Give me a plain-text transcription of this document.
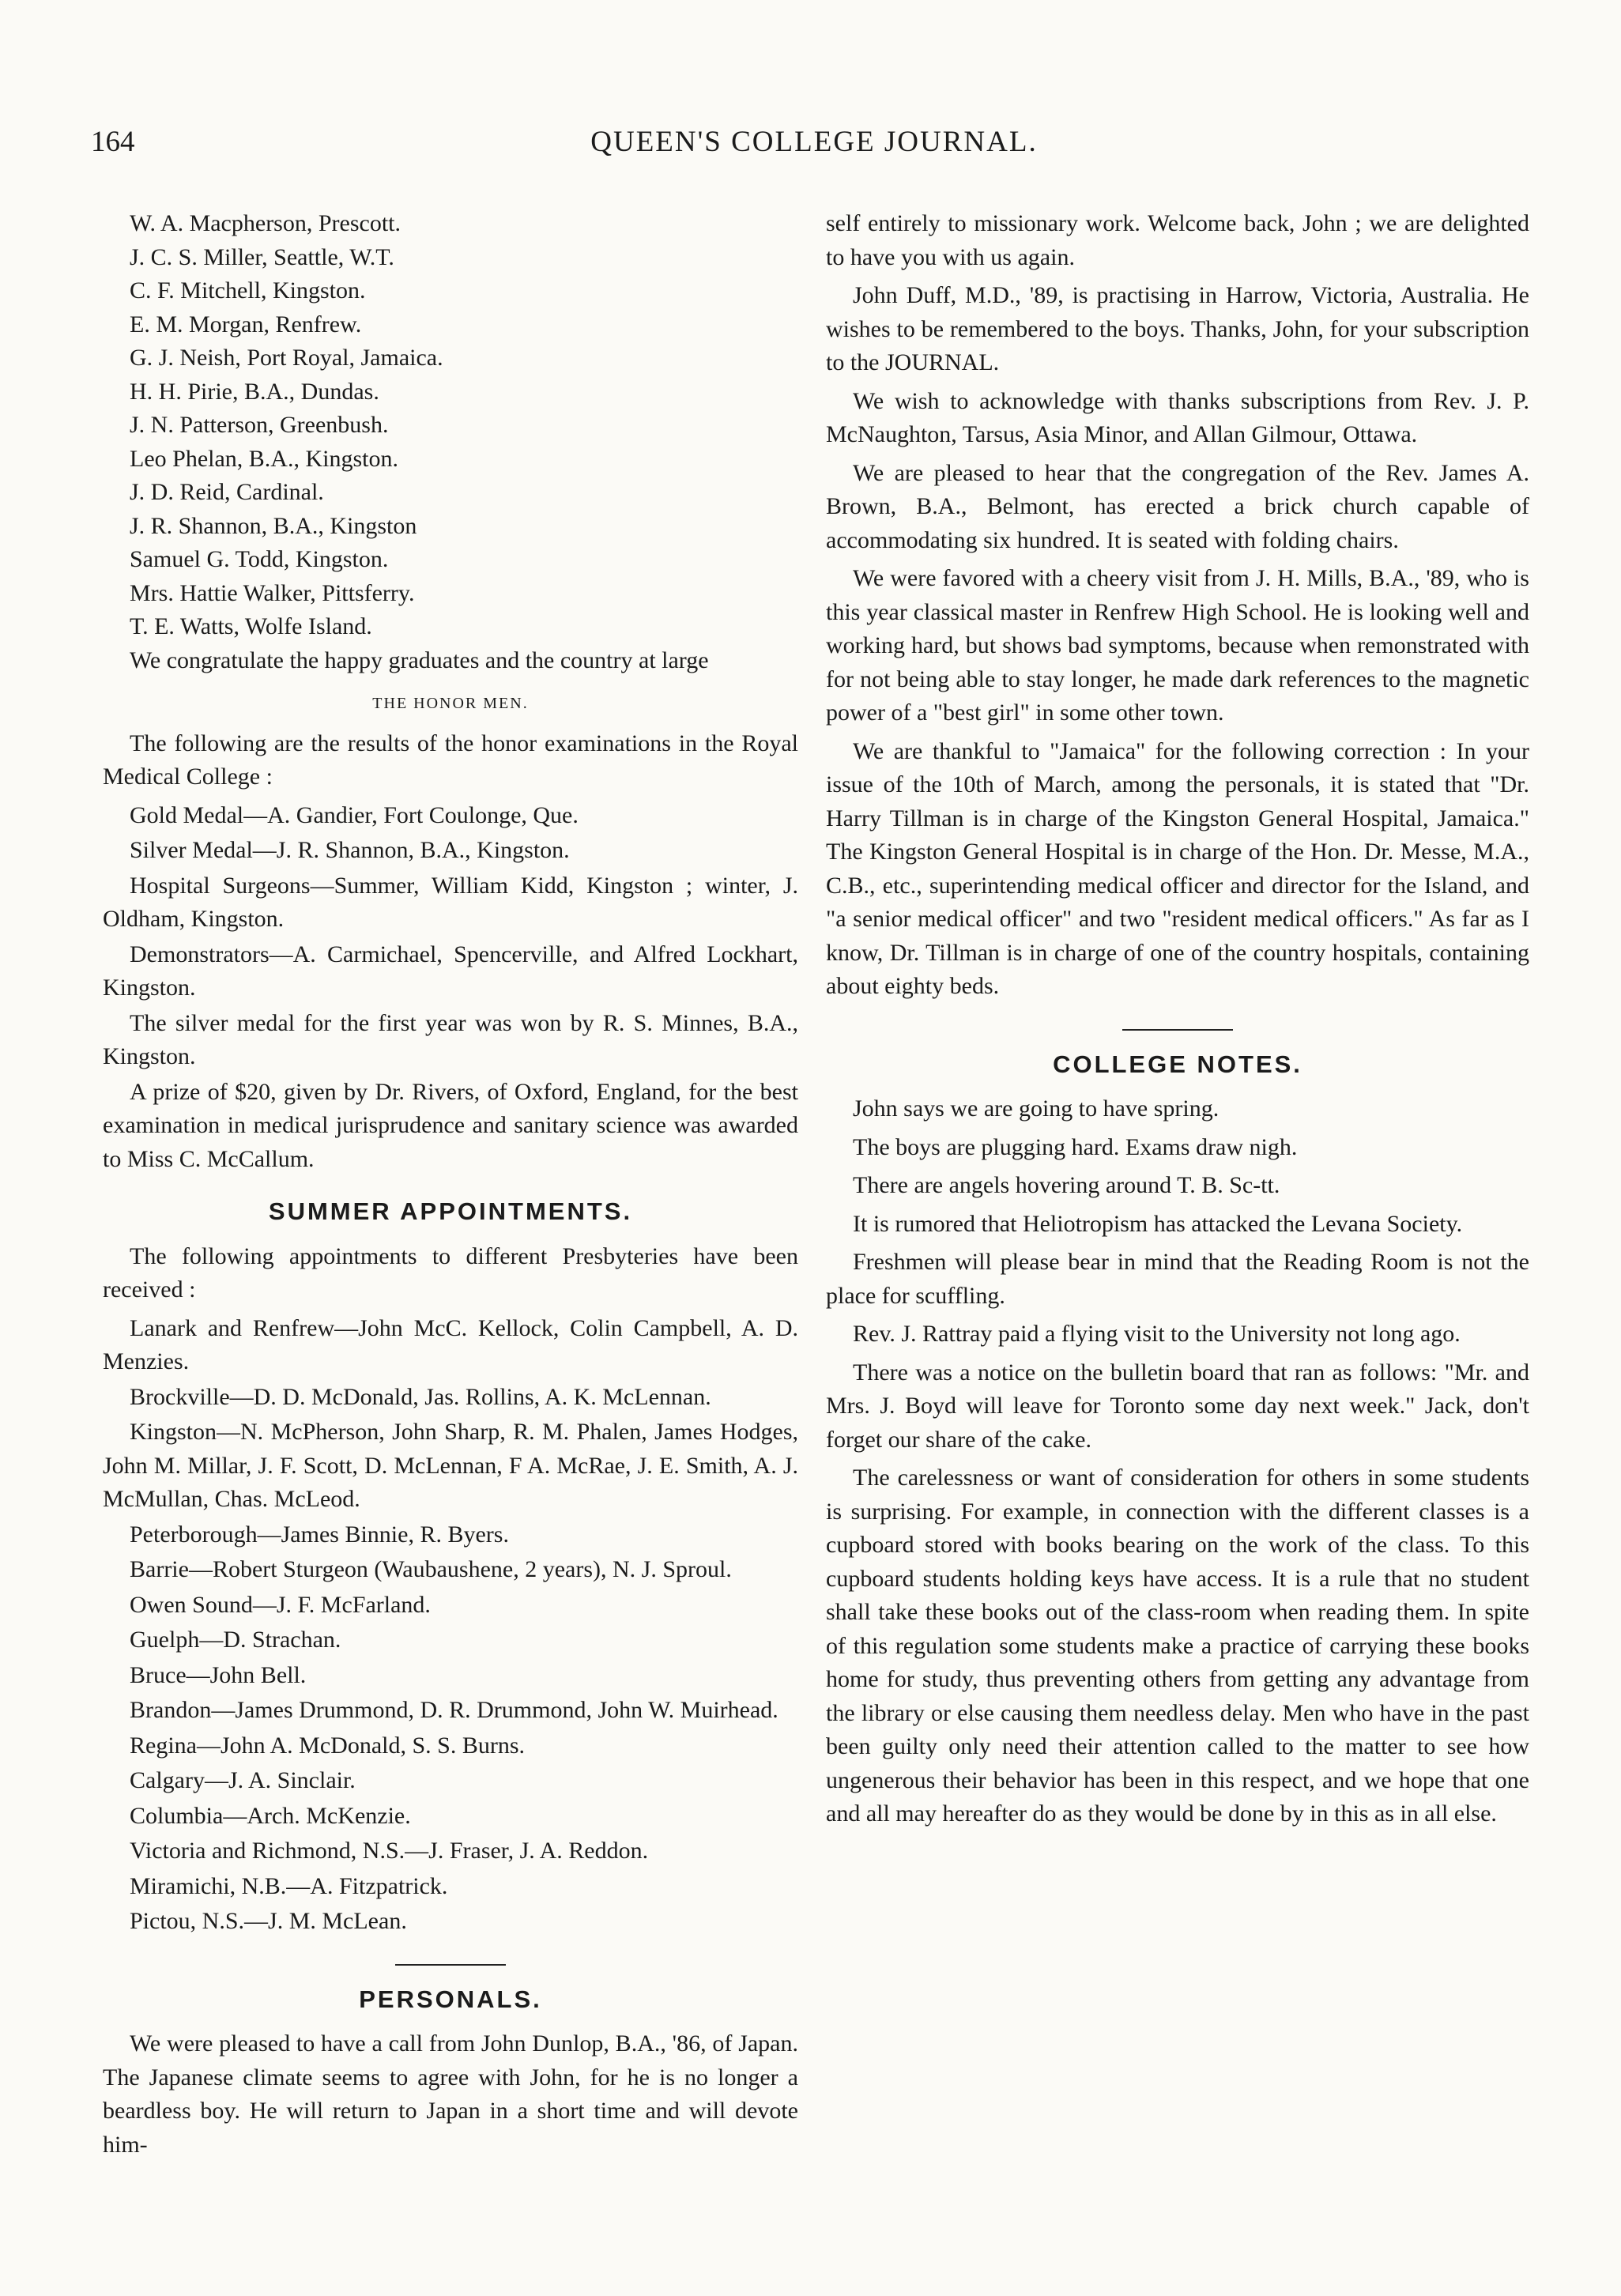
164	QUEEN'S COLLEGE JOURNAL.

W. A. Macpherson, Prescott.

J. C. S. Miller, Seattle, W.T.

C. F. Mitchell, Kingston.

E. M. Morgan, Renfrew.

G. J. Neish, Port Royal, Jamaica.

H. H. Pirie, B.A., Dundas.

J. N. Patterson, Greenbush.

Leo Phelan, B.A., Kingston.

J. D. Reid, Cardinal.

J. R. Shannon, B.A., Kingston

Samuel G. Todd, Kingston.

Mrs. Hattie Walker, Pittsferry.

T. E. Watts, Wolfe Island.

We congratulate the happy graduates and the country at large

THE HONOR MEN.

The following are the results of the honor examinations in the Royal Medical College :

Gold Medal—A. Gandier, Fort Coulonge, Que.

Silver Medal—J. R. Shannon, B.A., Kingston.

Hospital Surgeons—Summer, William Kidd, Kingston ; winter, J. Oldham, Kingston.

Demonstrators—A. Carmichael, Spencerville, and Alfred Lockhart, Kingston.

The silver medal for the first year was won by R. S. Minnes, B.A., Kingston.

A prize of $20, given by Dr. Rivers, of Oxford, England, for the best examination in medical jurisprudence and sanitary science was awarded to Miss C. McCallum.

SUMMER APPOINTMENTS.

The following appointments to different Presbyteries have been received :

Lanark and Renfrew—John McC. Kellock, Colin Campbell, A. D. Menzies.

Brockville—D. D. McDonald, Jas. Rollins, A. K. McLennan.

Kingston—N. McPherson, John Sharp, R. M. Phalen, James Hodges, John M. Millar, J. F. Scott, D. McLennan, F A. McRae, J. E. Smith, A. J. McMullan, Chas. McLeod.

Peterborough—James Binnie, R. Byers.

Barrie—Robert Sturgeon (Waubaushene, 2 years), N. J. Sproul.

Owen Sound—J. F. McFarland.

Guelph—D. Strachan.

Bruce—John Bell.

Brandon—James Drummond, D. R. Drummond, John W. Muirhead.

Regina—John A. McDonald, S. S. Burns.

Calgary—J. A. Sinclair.

Columbia—Arch. McKenzie.

Victoria and Richmond, N.S.—J. Fraser, J. A. Reddon.

Miramichi, N.B.—A. Fitzpatrick.

Pictou, N.S.—J. M. McLean.

PERSONALS.

We were pleased to have a call from John Dunlop, B.A., '86, of Japan. The Japanese climate seems to agree with John, for he is no longer a beardless boy. He will return to Japan in a short time and will devote him-

self entirely to missionary work. Welcome back, John ; we are delighted to have you with us again.

John Duff, M.D., '89, is practising in Harrow, Victoria, Australia. He wishes to be remembered to the boys. Thanks, John, for your subscription to the JOURNAL.

We wish to acknowledge with thanks subscriptions from Rev. J. P. McNaughton, Tarsus, Asia Minor, and Allan Gilmour, Ottawa.

We are pleased to hear that the congregation of the Rev. James A. Brown, B.A., Belmont, has erected a brick church capable of accommodating six hundred. It is seated with folding chairs.

We were favored with a cheery visit from J. H. Mills, B.A., '89, who is this year classical master in Renfrew High School. He is looking well and working hard, but shows bad symptoms, because when remonstrated with for not being able to stay longer, he made dark references to the magnetic power of a "best girl" in some other town.

We are thankful to "Jamaica" for the following correction : In your issue of the 10th of March, among the personals, it is stated that "Dr. Harry Tillman is in charge of the Kingston General Hospital, Jamaica." The Kingston General Hospital is in charge of the Hon. Dr. Messe, M.A., C.B., etc., superintending medical officer and director for the Island, and "a senior medical officer" and two "resident medical officers." As far as I know, Dr. Tillman is in charge of one of the country hospitals, containing about eighty beds.

COLLEGE NOTES.

John says we are going to have spring.

The boys are plugging hard. Exams draw nigh.

There are angels hovering around T. B. Sc-tt.

It is rumored that Heliotropism has attacked the Levana Society.

Freshmen will please bear in mind that the Reading Room is not the place for scuffling.

Rev. J. Rattray paid a flying visit to the University not long ago.

There was a notice on the bulletin board that ran as follows: "Mr. and Mrs. J. Boyd will leave for Toronto some day next week." Jack, don't forget our share of the cake.

The carelessness or want of consideration for others in some students is surprising. For example, in connection with the different classes is a cupboard stored with books bearing on the work of the class. To this cupboard students holding keys have access. It is a rule that no student shall take these books out of the class-room when reading them. In spite of this regulation some students make a practice of carrying these books home for study, thus preventing others from getting any advantage from the library or else causing them needless delay. Men who have in the past been guilty only need their attention called to the matter to see how ungenerous their behavior has been in this respect, and we hope that one and all may hereafter do as they would be done by in this as in all else.
